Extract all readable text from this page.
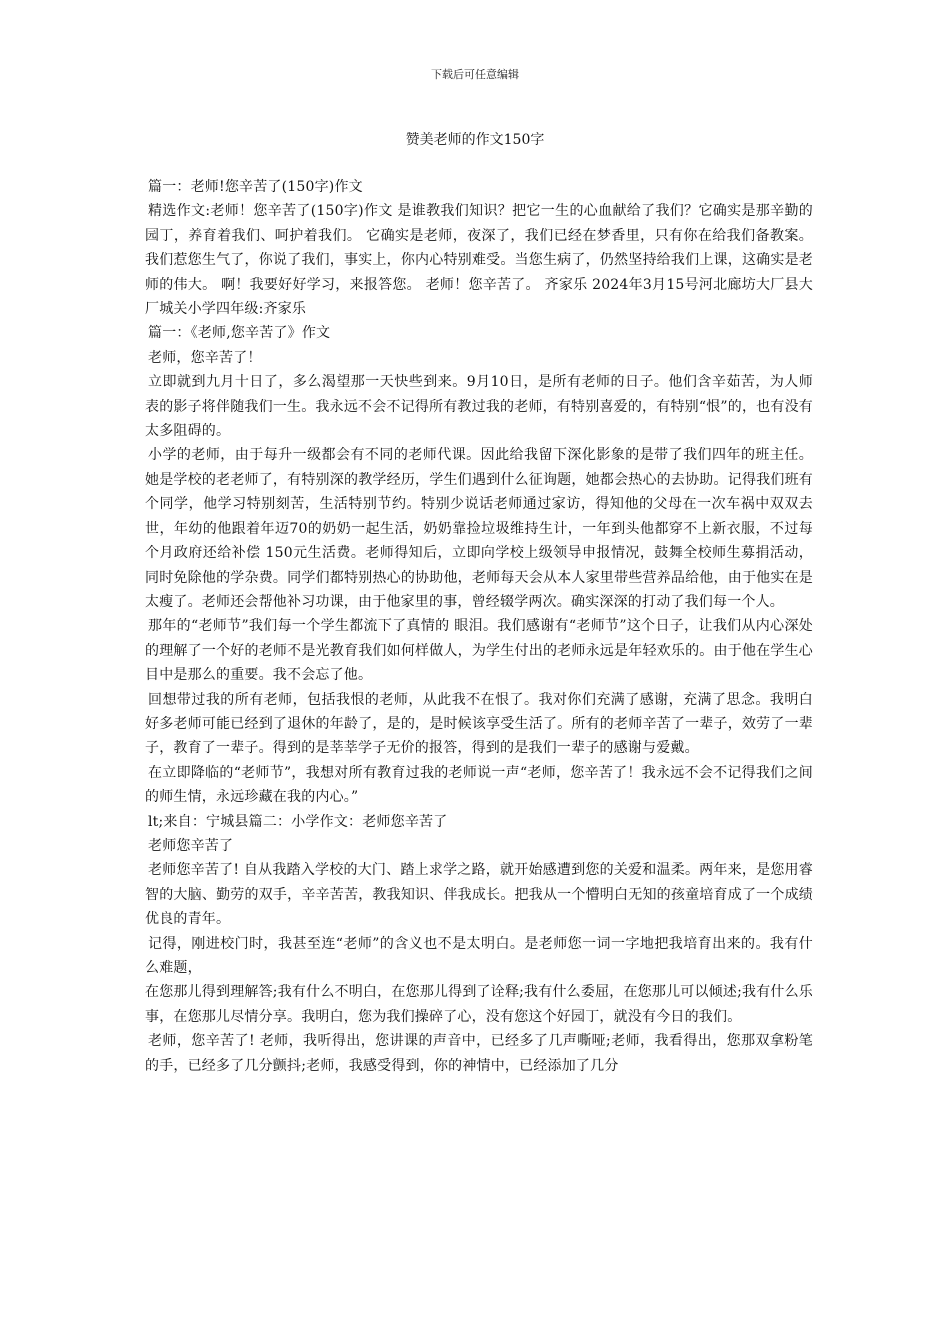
下载后可任意编辑
赞美老师的作文150字

篇一：老师!您辛苦了(150字)作文

精选作文:老师！您辛苦了(150字)作文 是谁教我们知识？把它一生的心血献给了我们？它确实是那辛勤的园丁，养育着我们、呵护着我们。 它确实是老师，夜深了，我们已经在梦香里，只有你在给我们备教案。我们惹您生气了，你说了我们，事实上，你内心特别难受。当您生病了，仍然坚持给我们上课，这确实是老师的伟大。 啊！我要好好学习，来报答您。 老师！您辛苦了。 齐家乐 2024年3月15号河北廊坊大厂县大厂城关小学四年级:齐家乐

篇一：《老师,您辛苦了》作文

老师，您辛苦了！

立即就到九月十日了，多么渴望那一天快些到来。9月10日，是所有老师的日子。他们含辛茹苦，为人师表的影子将伴随我们一生。我永远不会不记得所有教过我的老师，有特别喜爱的，有特别“恨”的，也有没有太多阻碍的。

小学的老师，由于每升一级都会有不同的老师代课。因此给我留下深化影象的是带了我们四年的班主任。她是学校的老老师了，有特别深的教学经历，学生们遇到什么征询题，她都会热心的去协助。记得我们班有个同学，他学习特别刻苦，生活特别节约。特别少说话老师通过家访，得知他的父母在一次车祸中双双去世，年幼的他跟着年迈70的奶奶一起生活，奶奶靠捡垃圾维持生计，一年到头他都穿不上新衣服，不过每个月政府还给补偿 150元生活费。老师得知后，立即向学校上级领导申报情况，鼓舞全校师生募捐活动，同时免除他的学杂费。同学们都特别热心的协助他，老师每天会从本人家里带些营养品给他，由于他实在是太瘦了。老师还会帮他补习功课，由于他家里的事，曾经辍学两次。确实深深的打动了我们每一个人。

那年的“老师节”我们每一个学生都流下了真情的 眼泪。我们感谢有“老师节”这个日子，让我们从内心深处的理解了一个好的老师不是光教育我们如何样做人，为学生付出的老师永远是年轻欢乐的。由于他在学生心目中是那么的重要。我不会忘了他。

回想带过我的所有老师，包括我恨的老师，从此我不在恨了。我对你们充满了感谢，充满了思念。我明白好多老师可能已经到了退休的年龄了，是的，是时候该享受生活了。所有的老师辛苦了一辈子，效劳了一辈子，教育了一辈子。得到的是莘莘学子无价的报答，得到的是我们一辈子的感谢与爱戴。

在立即降临的“老师节”，我想对所有教育过我的老师说一声“老师，您辛苦了！我永远不会不记得我们之间的师生情，永远珍藏在我的内心。”

lt;来自：宁城县篇二：小学作文：老师您辛苦了

老师您辛苦了

老师您辛苦了! 自从我踏入学校的大门、踏上求学之路，就开始感遭到您的关爱和温柔。两年来，是您用睿智的大脑、勤劳的双手，辛辛苦苦，教我知识、伴我成长。把我从一个懵明白无知的孩童培育成了一个成绩优良的青年。

记得，刚进校门时，我甚至连“老师”的含义也不是太明白。是老师您一词一字地把我培育出来的。我有什么难题，

在您那儿得到理解答;我有什么不明白，在您那儿得到了诠释;我有什么委屈，在您那儿可以倾述;我有什么乐事，在您那儿尽情分享。我明白，您为我们操碎了心，没有您这个好园丁，就没有今日的我们。

老师，您辛苦了! 老师，我听得出，您讲课的声音中，已经多了几声嘶哑;老师，我看得出，您那双拿粉笔的手，已经多了几分颤抖;老师，我感受得到，你的神情中，已经添加了几分
